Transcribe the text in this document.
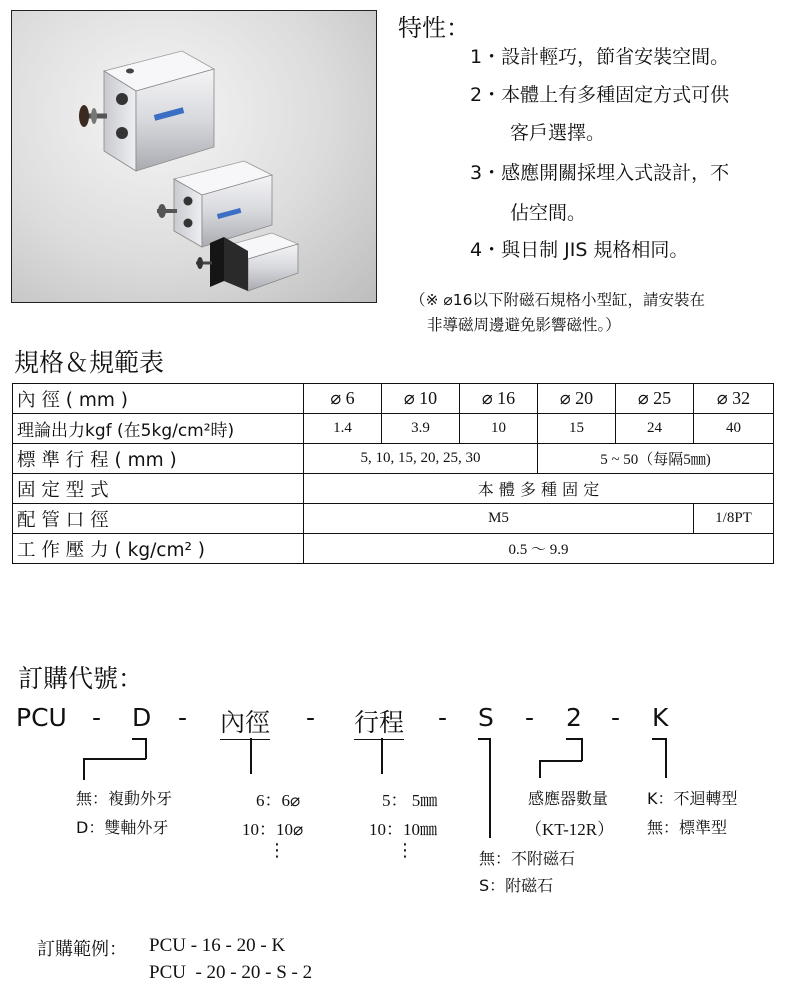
特性：
1・設計輕巧，節省安裝空間。
2・本體上有多種固定方式可供
客戶選擇。
3・感應開關採埋入式設計，不
佔空間。
4・與日制 JIS 規格相同。
（※ ⌀16以下附磁石規格小型缸，請安裝在
非導磁周邊避免影響磁性。）
規格＆規範表
內 徑 ( mm )	⌀ 6	⌀ 10	⌀ 16	⌀ 20	⌀ 25	⌀ 32
理論出力kgf (在5kg/cm²時)	1.4	3.9	10	15	24	40
標 準 行 程 ( mm )	5, 10, 15, 20, 25, 30			5 ~ 50（每隔5㎜)		
固 定 型 式	本 體 多 種 固 定					
配 管 口 徑	M5					1/8PT
工 作 壓 力 ( kg/cm² )	0.5 ～ 9.9					
訂購代號：
PCU - D - 內徑 - 行程 - S - 2 - K
無：複動外牙
D：雙軸外牙
6：6⌀
10：10⌀
⋮
5： 5㎜
10：10㎜
⋮	無：不附磁石
S：附磁石
感應器數量
（KT-12R）
K：不迴轉型
無：標準型
訂購範例： PCU - 16 - 20 - K
PCU  - 20 - 20 - S - 2
